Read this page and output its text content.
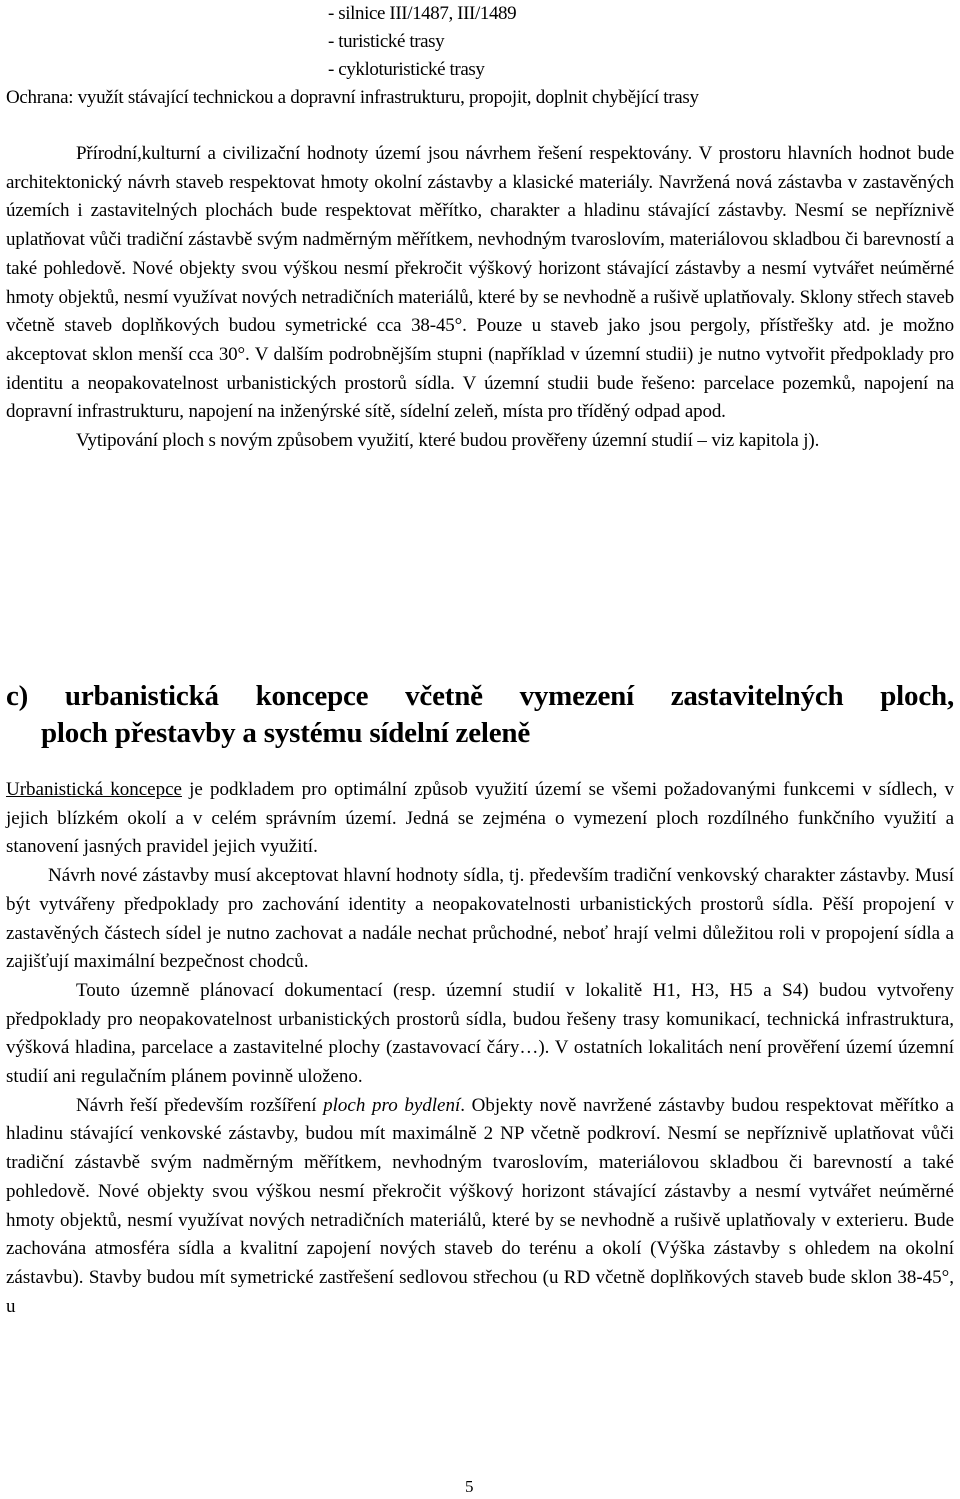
- silnice III/1487, III/1489
- turistické trasy
- cykloturistické trasy

Ochrana: využít stávající technickou a dopravní infrastrukturu, propojit, doplnit chybějící trasy

Přírodní,kulturní a civilizační hodnoty území jsou návrhem řešení respektovány. V prostoru hlavních hodnot bude architektonický návrh staveb respektovat hmoty okolní zástavby a klasické materiály. Navržená nová zástavba v zastavěných územích i zastavitelných plochách bude respektovat měřítko, charakter a hladinu stávající zástavby. Nesmí se nepříznivě uplatňovat vůči tradiční zástavbě svým nadměrným měřítkem, nevhodným tvaroslovím, materiálovou skladbou či barevností a také pohledově. Nové objekty svou výškou nesmí překročit výškový horizont stávající zástavby a nesmí vytvářet neúměrné hmoty objektů, nesmí využívat nových netradičních materiálů, které by se nevhodně a rušivě uplatňovaly. Sklony střech staveb včetně staveb doplňkových budou symetrické cca 38-45°. Pouze u staveb jako jsou pergoly, přístřešky atd. je možno akceptovat sklon menší cca 30°. V dalším podrobnějším stupni (například v územní studii) je nutno vytvořit předpoklady pro identitu a neopakovatelnost urbanistických prostorů sídla. V územní studii bude řešeno: parcelace pozemků, napojení na dopravní infrastrukturu, napojení na inženýrské sítě, sídelní zeleň, místa pro tříděný odpad apod.
Vytipování ploch s novým způsobem využití, které budou prověřeny územní studií – viz kapitola j).
c) urbanistická koncepce včetně vymezení zastavitelných ploch,
ploch přestavby a systému sídelní zeleně
Urbanistická koncepce je podkladem pro optimální způsob využití území se všemi požadovanými funkcemi v sídlech, v jejich blízkém okolí a v celém správním území. Jedná se zejména o vymezení ploch rozdílného funkčního využití a stanovení jasných pravidel jejich využití.
Návrh nové zástavby musí akceptovat hlavní hodnoty sídla, tj. především tradiční venkovský charakter zástavby. Musí být vytvářeny předpoklady pro zachování identity a neopakovatelnosti urbanistických prostorů sídla. Pěší propojení v zastavěných částech sídel je nutno zachovat a nadále nechat průchodné, neboť hrají velmi důležitou roli v propojení sídla a zajišťují maximální bezpečnost chodců.
Touto územně plánovací dokumentací (resp. územní studií v lokalitě H1, H3, H5 a S4) budou vytvořeny předpoklady pro neopakovatelnost urbanistických prostorů sídla, budou řešeny trasy komunikací, technická infrastruktura, výšková hladina, parcelace a zastavitelné plochy (zastavovací čáry…). V ostatních lokalitách není prověření území územní studií ani regulačním plánem povinně uloženo.
Návrh řeší především rozšíření ploch pro bydlení. Objekty nově navržené zástavby budou respektovat měřítko a hladinu stávající venkovské zástavby, budou mít maximálně 2 NP včetně podkroví. Nesmí se nepříznivě uplatňovat vůči tradiční zástavbě svým nadměrným měřítkem, nevhodným tvaroslovím, materiálovou skladbou či barevností a také pohledově. Nové objekty svou výškou nesmí překročit výškový horizont stávající zástavby a nesmí vytvářet neúměrné hmoty objektů, nesmí využívat nových netradičních materiálů, které by se nevhodně a rušivě uplatňovaly v exterieru. Bude zachována atmosféra sídla a kvalitní zapojení nových staveb do terénu a okolí (Výška zástavby s ohledem na okolní zástavbu). Stavby budou mít symetrické zastřešení sedlovou střechou (u RD včetně doplňkových staveb bude sklon 38-45°, u
5
